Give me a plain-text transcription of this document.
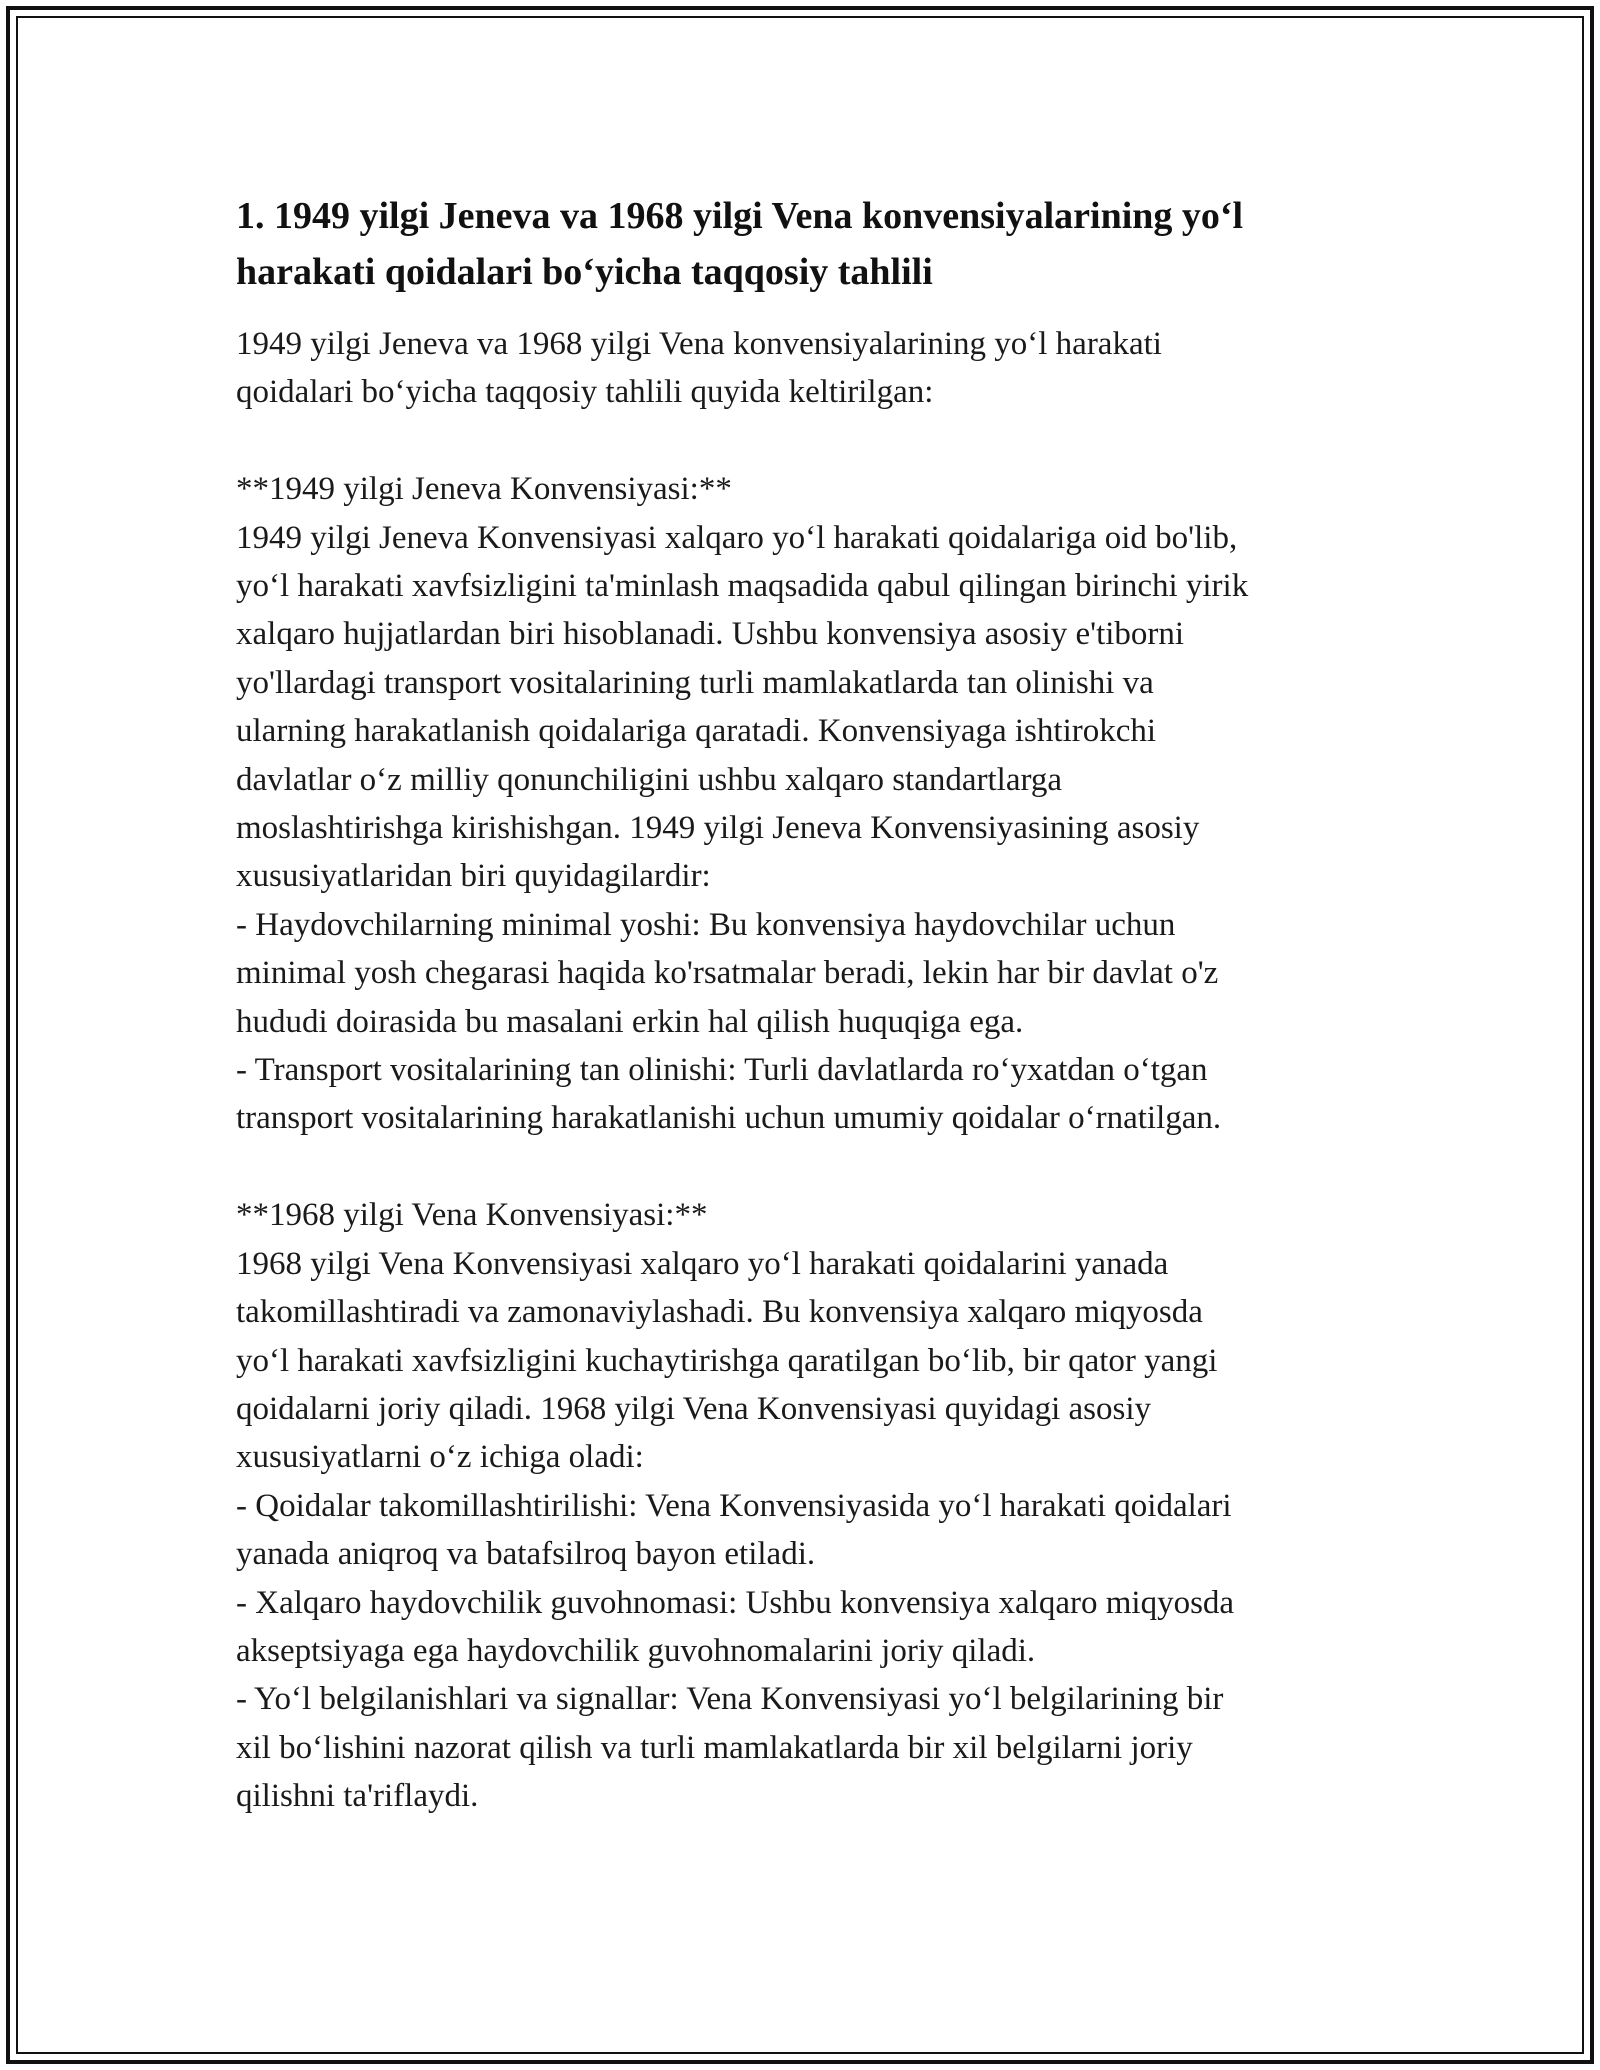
1. 1949 yilgi Jeneva va 1968 yilgi Vena konvensiyalarining yo‘l
harakati qoidalari bo‘yicha taqqosiy tahlili

1949 yilgi Jeneva va 1968 yilgi Vena konvensiyalarining yo‘l harakati

qoidalari bo‘yicha taqqosiy tahlili quyida keltirilgan:

**1949 yilgi Jeneva Konvensiyasi:**

1949 yilgi Jeneva Konvensiyasi xalqaro yo‘l harakati qoidalariga oid bo'lib,

yo‘l harakati xavfsizligini ta'minlash maqsadida qabul qilingan birinchi yirik

xalqaro hujjatlardan biri hisoblanadi. Ushbu konvensiya asosiy e'tiborni

yo'llardagi transport vositalarining turli mamlakatlarda tan olinishi va

ularning harakatlanish qoidalariga qaratadi. Konvensiyaga ishtirokchi

davlatlar o‘z milliy qonunchiligini ushbu xalqaro standartlarga

moslashtirishga kirishishgan. 1949 yilgi Jeneva Konvensiyasining asosiy

xususiyatlaridan biri quyidagilardir:

- Haydovchilarning minimal yoshi: Bu konvensiya haydovchilar uchun

minimal yosh chegarasi haqida ko'rsatmalar beradi, lekin har bir davlat o'z

hududi doirasida bu masalani erkin hal qilish huquqiga ega.

- Transport vositalarining tan olinishi: Turli davlatlarda ro‘yxatdan o‘tgan

transport vositalarining harakatlanishi uchun umumiy qoidalar o‘rnatilgan.

**1968 yilgi Vena Konvensiyasi:**

1968 yilgi Vena Konvensiyasi xalqaro yo‘l harakati qoidalarini yanada

takomillashtiradi va zamonaviylashadi. Bu konvensiya xalqaro miqyosda

yo‘l harakati xavfsizligini kuchaytirishga qaratilgan bo‘lib, bir qator yangi

qoidalarni joriy qiladi. 1968 yilgi Vena Konvensiyasi quyidagi asosiy

xususiyatlarni o‘z ichiga oladi:

- Qoidalar takomillashtirilishi: Vena Konvensiyasida yo‘l harakati qoidalari

yanada aniqroq va batafsilroq bayon etiladi.

- Xalqaro haydovchilik guvohnomasi: Ushbu konvensiya xalqaro miqyosda

akseptsiyaga ega haydovchilik guvohnomalarini joriy qiladi.

- Yo‘l belgilanishlari va signallar: Vena Konvensiyasi yo‘l belgilarining bir

xil bo‘lishini nazorat qilish va turli mamlakatlarda bir xil belgilarni joriy

qilishni ta'riflaydi.
